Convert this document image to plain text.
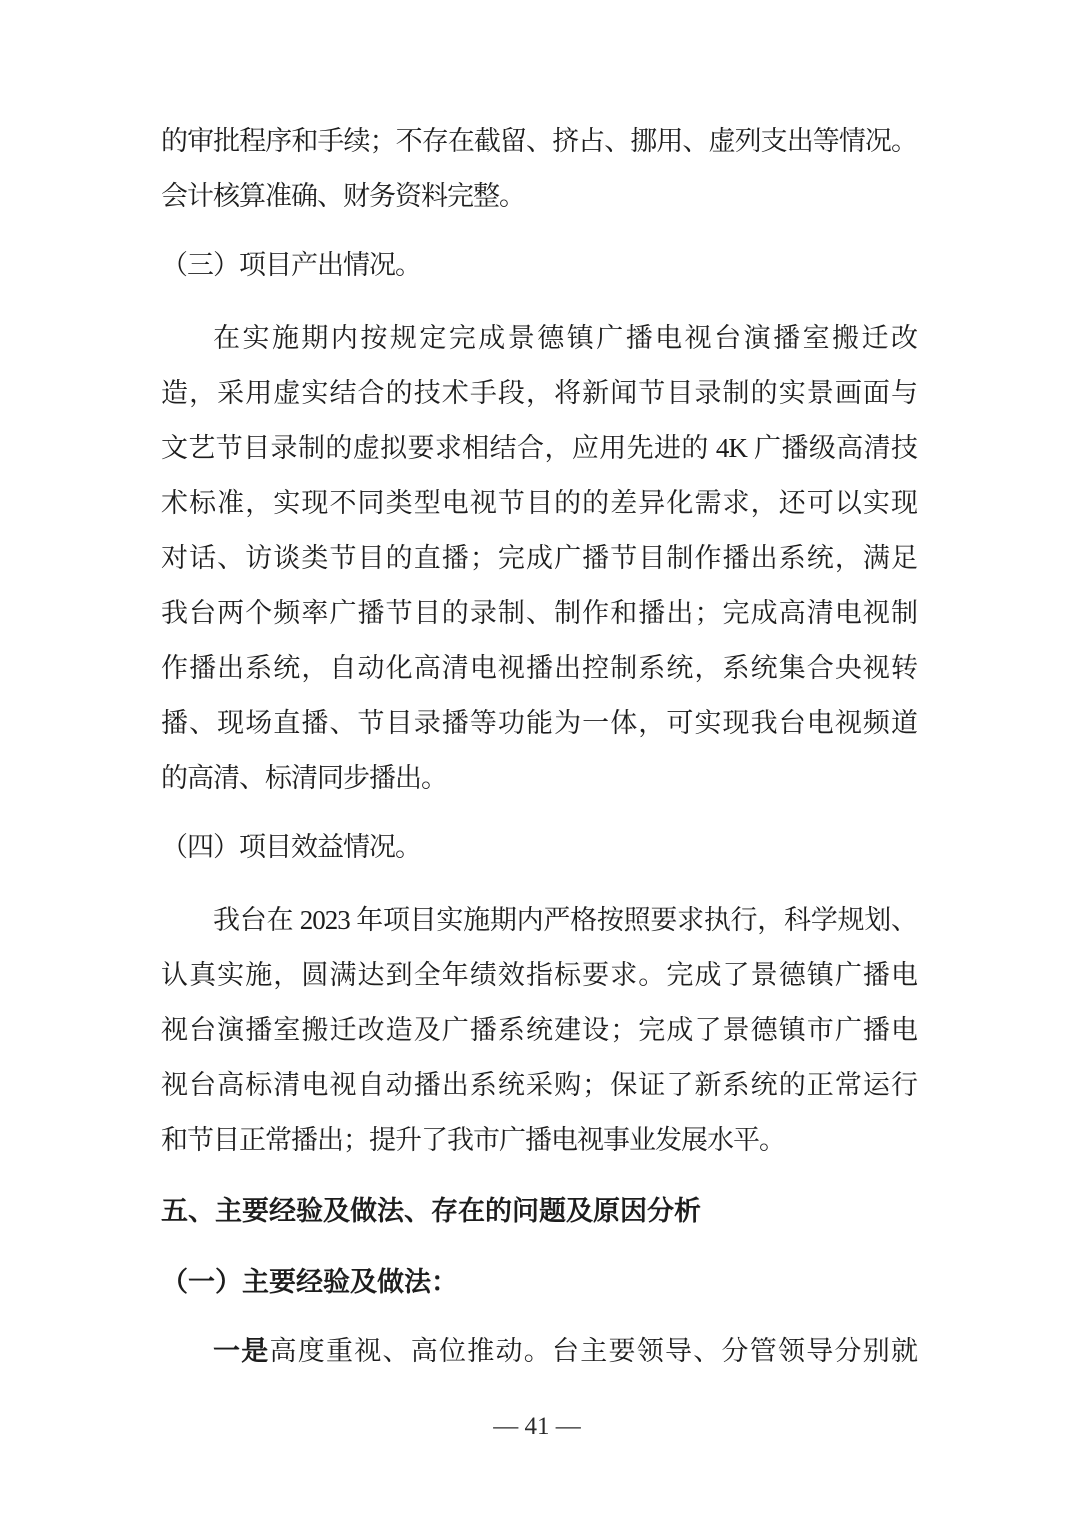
的审批程序和手续；不存在截留、挤占、挪用、虚列支出等情况。
会计核算准确、财务资料完整。
（三）项目产出情况。
在实施期内按规定完成景德镇广播电视台演播室搬迁改
造，采用虚实结合的技术手段，将新闻节目录制的实景画面与
文艺节目录制的虚拟要求相结合，应用先进的 4K 广播级高清技
术标准，实现不同类型电视节目的的差异化需求，还可以实现
对话、访谈类节目的直播；完成广播节目制作播出系统，满足
我台两个频率广播节目的录制、制作和播出；完成高清电视制
作播出系统，自动化高清电视播出控制系统，系统集合央视转
播、现场直播、节目录播等功能为一体，可实现我台电视频道
的高清、标清同步播出。
（四）项目效益情况。
我台在 2023 年项目实施期内严格按照要求执行，科学规划、
认真实施，圆满达到全年绩效指标要求。完成了景德镇广播电
视台演播室搬迁改造及广播系统建设；完成了景德镇市广播电
视台高标清电视自动播出系统采购；保证了新系统的正常运行
和节目正常播出；提升了我市广播电视事业发展水平。
五、主要经验及做法、存在的问题及原因分析
（一）主要经验及做法：
一是高度重视、高位推动。台主要领导、分管领导分别就
— 41 —
